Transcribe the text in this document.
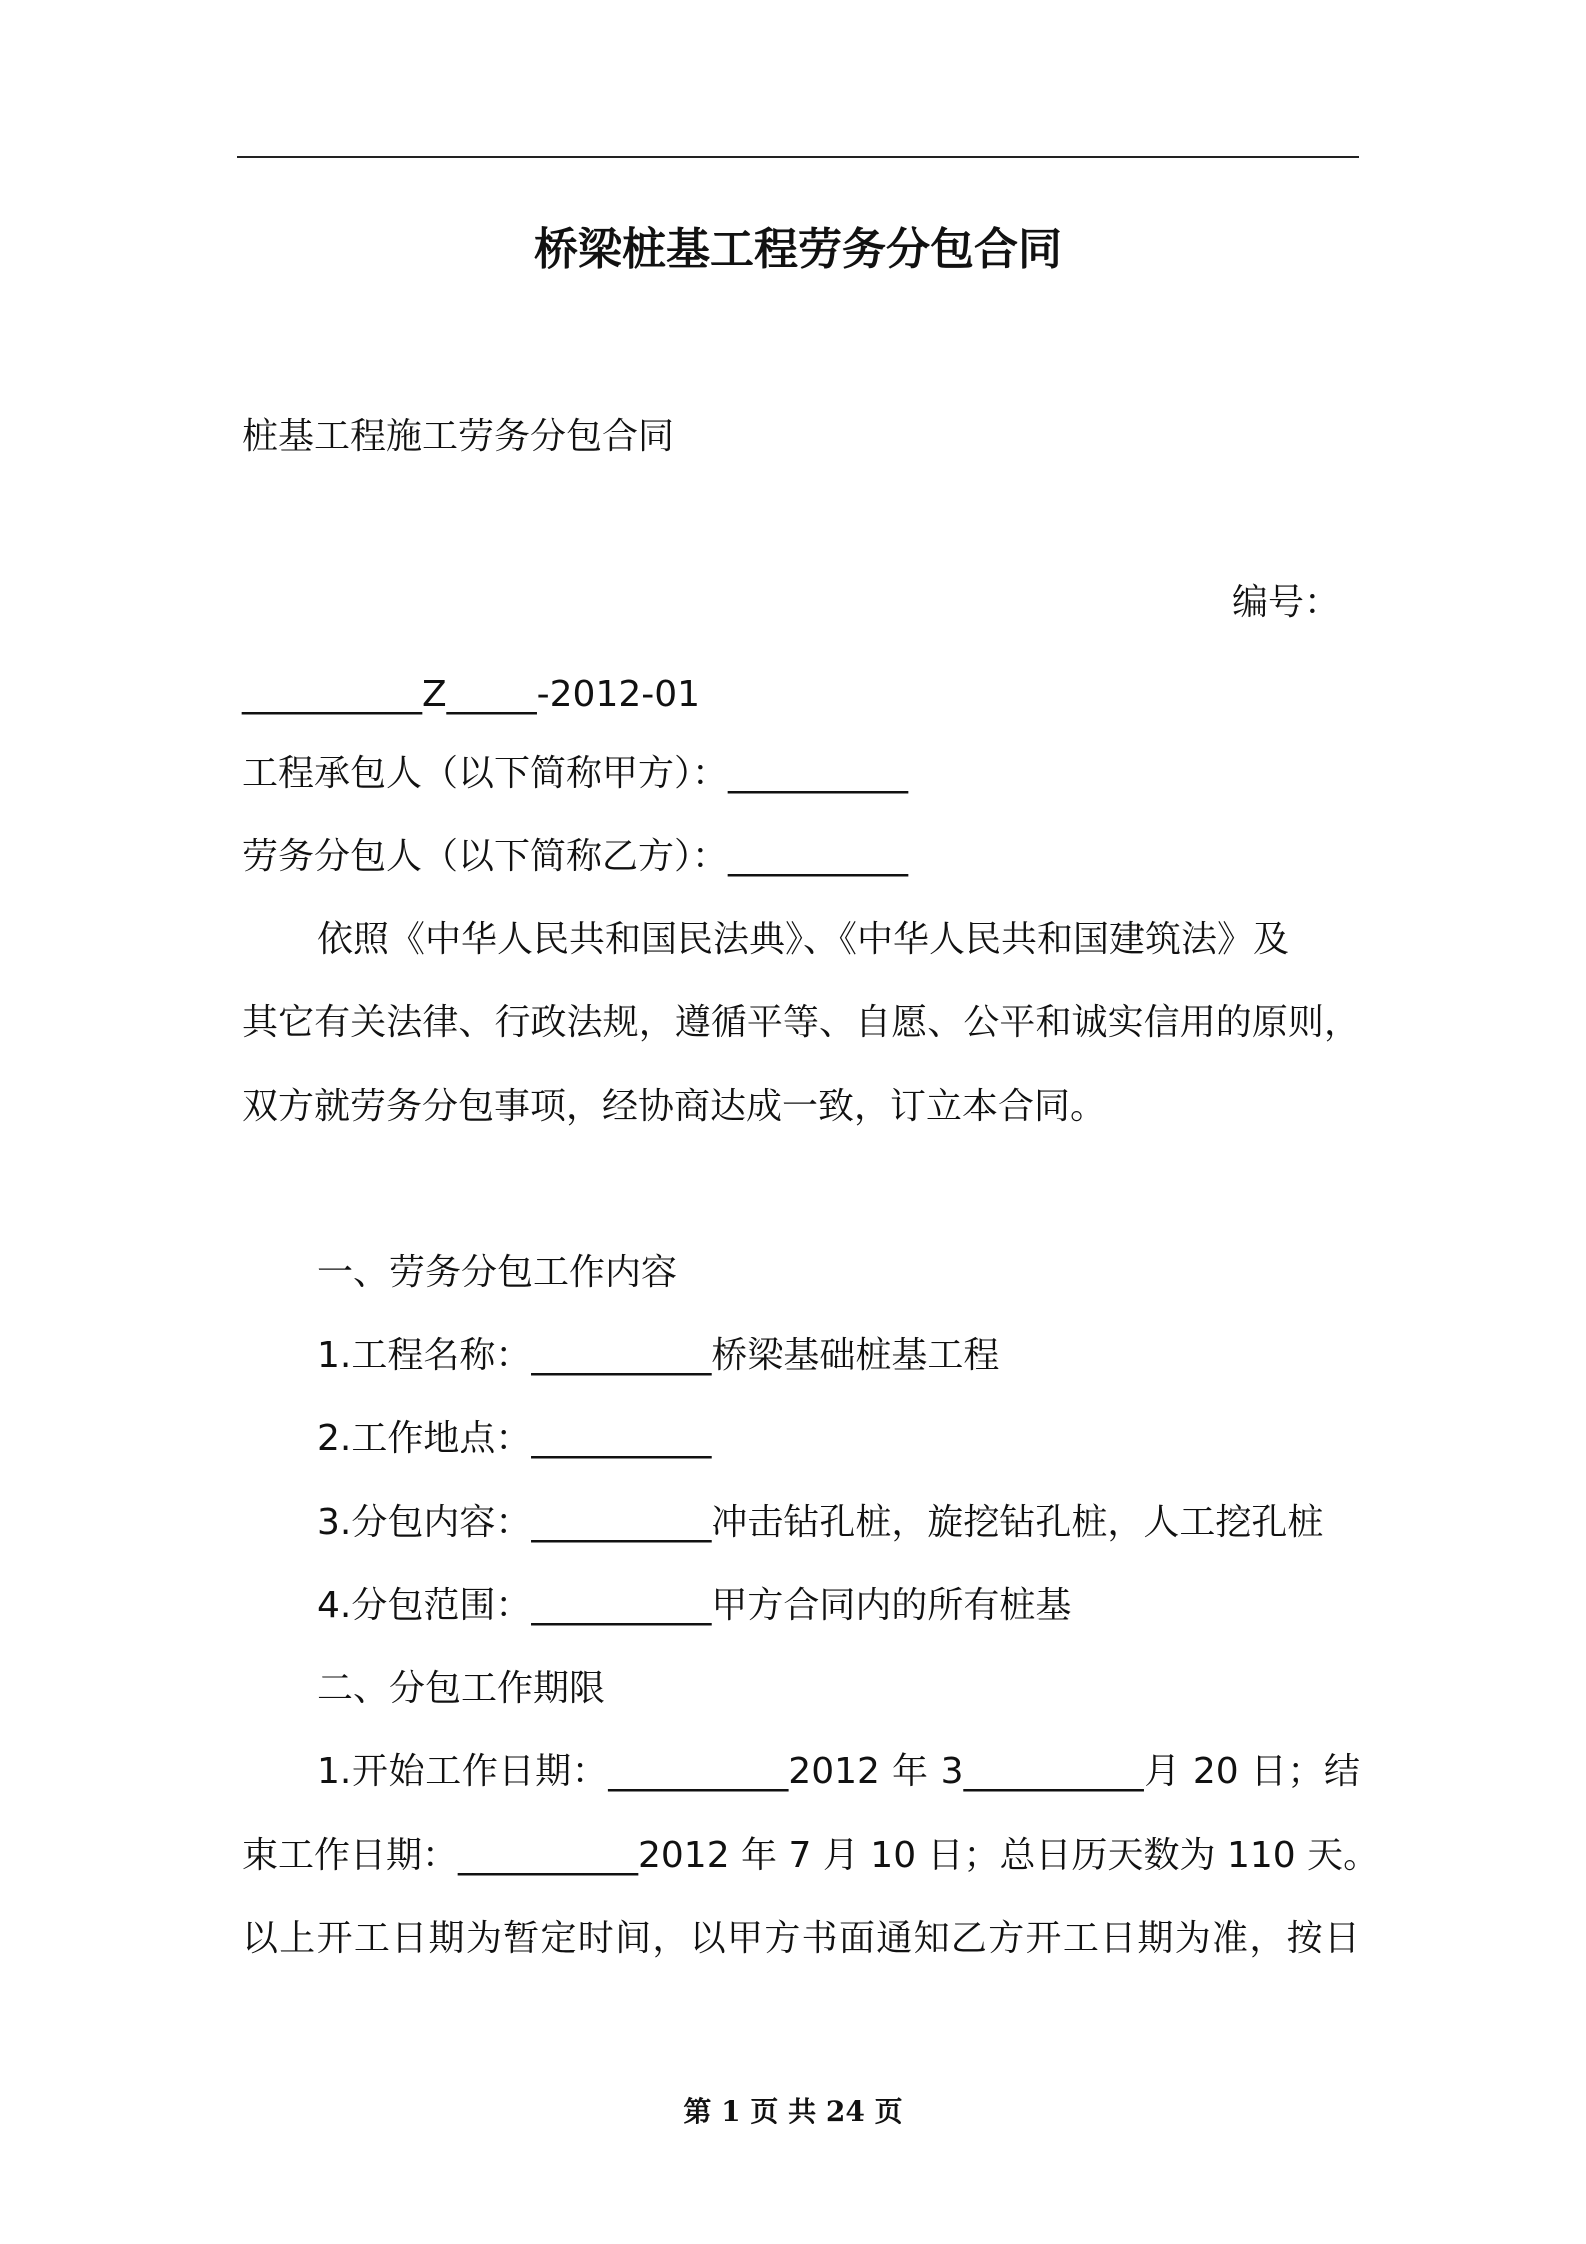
桥梁桩基工程劳务分包合同

桩基工程施工劳务分包合同

编号：

__________Z_____-2012-01

工程承包人（以下简称甲方）：__________

劳务分包人（以下简称乙方）：__________

依照《中华人民共和国民法典》、《中华人民共和国建筑法》及

其它有关法律、行政法规，遵循平等、自愿、公平和诚实信用的原则，

双方就劳务分包事项，经协商达成一致，订立本合同。

一、劳务分包工作内容

1.工程名称：__________桥梁基础桩基工程

2.工作地点：__________

3.分包内容：__________冲击钻孔桩，旋挖钻孔桩，人工挖孔桩

4.分包范围：__________甲方合同内的所有桩基

二、分包工作期限

1.开始工作日期：__________2012 年 3__________月 20 日；结

束工作日期：__________2012 年 7 月 10 日；总日历天数为 110 天。

以上开工日期为暂定时间，以甲方书面通知乙方开工日期为准，按日

第 1 页 共 24 页
